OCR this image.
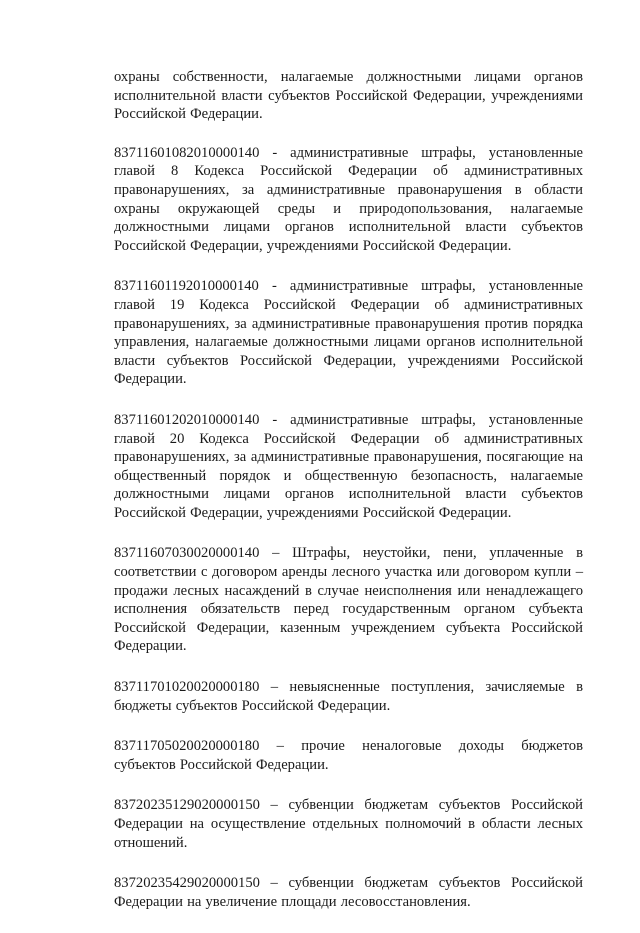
охраны собственности, налагаемые должностными лицами органов исполнительной власти субъектов Российской Федерации, учреждениями Российской Федерации.

83711601082010000140 - административные штрафы, установленные главой 8 Кодекса Российской Федерации об административных правонарушениях, за административные правонарушения в области охраны окружающей среды и природопользования, налагаемые должностными лицами органов исполнительной власти субъектов Российской Федерации, учреждениями Российской Федерации.

83711601192010000140 - административные штрафы, установленные главой 19 Кодекса Российской Федерации об административных правонарушениях, за административные правонарушения против порядка управления, налагаемые должностными лицами органов исполнительной власти субъектов Российской Федерации, учреждениями Российской Федерации.

83711601202010000140 - административные штрафы, установленные главой 20 Кодекса Российской Федерации об административных правонарушениях, за административные правонарушения, посягающие на общественный порядок и общественную безопасность, налагаемые должностными лицами органов исполнительной власти субъектов Российской Федерации, учреждениями Российской Федерации.

83711607030020000140 – Штрафы, неустойки, пени, уплаченные в соответствии с договором аренды лесного участка или договором купли – продажи лесных насаждений в случае неисполнения или ненадлежащего исполнения обязательств перед государственным органом субъекта Российской Федерации, казенным учреждением субъекта Российской Федерации.

83711701020020000180 – невыясненные поступления, зачисляемые в бюджеты субъектов Российской Федерации.

83711705020020000180 – прочие неналоговые доходы бюджетов субъектов Российской Федерации.

83720235129020000150 – субвенции бюджетам субъектов Российской Федерации на осуществление отдельных полномочий в области лесных отношений.

83720235429020000150 – субвенции бюджетам субъектов Российской Федерации на увеличение площади лесовосстановления.
